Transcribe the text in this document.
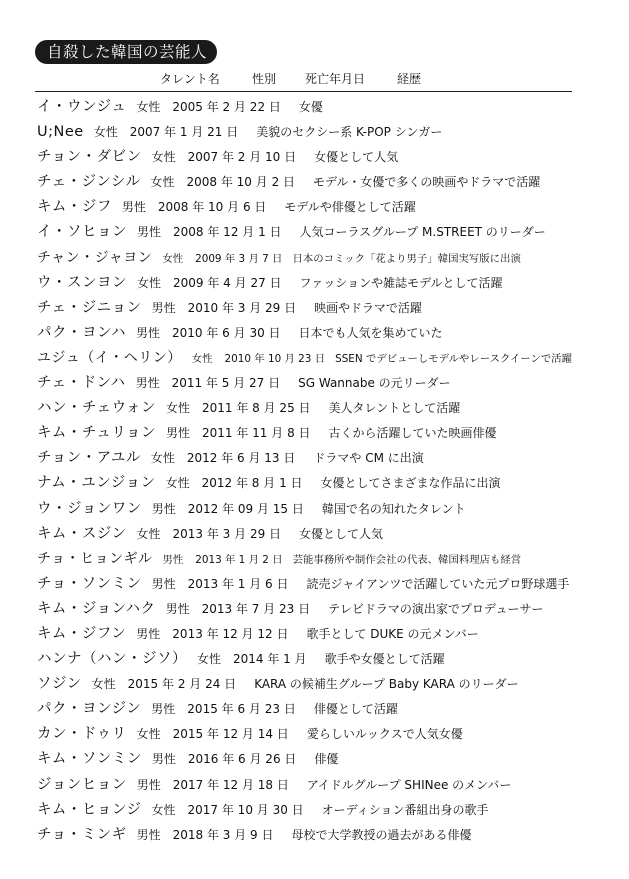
自殺した韓国の芸能人
タレント名	性別 死亡年月日	経歴
イ・ウンジュ 女性 2005 年 2 月 22 日 女優
U;Nee 女性 2007 年 1 月 21 日 美貌のセクシー系 K-POP シンガー
チョン・ダビン 女性 2007 年 2 月 10 日 女優として人気
チェ・ジンシル 女性 2008 年 10 月 2 日 モデル・女優で多くの映画やドラマで活躍
キム・ジフ 男性 2008 年 10 月 6 日 モデルや俳優として活躍
イ・ソヒョン 男性 2008 年 12 月 1 日 人気コーラスグループ M.STREET のリーダー
チャン・ジャヨン 女性 2009 年 3 月 7 日 日本のコミック「花より男子」韓国実写版に出演
ウ・スンヨン 女性 2009 年 4 月 27 日 ファッションや雑誌モデルとして活躍
チェ・ジニョン 男性 2010 年 3 月 29 日 映画やドラマで活躍
パク・ヨンハ 男性 2010 年 6 月 30 日 日本でも人気を集めていた
ユジュ（イ・ヘリン） 女性 2010 年 10 月 23 日 SSEN でデビューしモデルやレースクイーンで活躍
チェ・ドンハ 男性 2011 年 5 月 27 日 SG Wannabe の元リーダー
ハン・チェウォン 女性 2011 年 8 月 25 日 美人タレントとして活躍
キム・チュリョン 男性 2011 年 11 月 8 日 古くから活躍していた映画俳優
チョン・アユル 女性 2012 年 6 月 13 日 ドラマや CM に出演
ナム・ユンジョン 女性 2012 年 8 月 1 日 女優としてさまざまな作品に出演
ウ・ジョンワン 男性 2012 年 09 月 15 日 韓国で名の知れたタレント
キム・スジン 女性 2013 年 3 月 29 日 女優として人気
チョ・ヒョンギル 男性 2013 年 1 月 2 日 芸能事務所や制作会社の代表、韓国料理店も経営
チョ・ソンミン 男性 2013 年 1 月 6 日 読売ジャイアンツで活躍していた元プロ野球選手
キム・ジョンハク 男性 2013 年 7 月 23 日 テレビドラマの演出家でプロデューサー
キム・ジフン 男性 2013 年 12 月 12 日 歌手として DUKE の元メンバー
ハンナ（ハン・ジソ） 女性 2014 年 1 月 歌手や女優として活躍
ソジン 女性 2015 年 2 月 24 日 KARA の候補生グループ Baby KARA のリーダー
パク・ヨンジン 男性 2015 年 6 月 23 日 俳優として活躍
カン・ドゥリ 女性 2015 年 12 月 14 日 愛らしいルックスで人気女優
キム・ソンミン 男性 2016 年 6 月 26 日 俳優
ジョンヒョン 男性 2017 年 12 月 18 日 アイドルグループ SHINee のメンバー
キム・ヒョンジ 女性 2017 年 10 月 30 日 オーディション番組出身の歌手
チョ・ミンギ 男性 2018 年 3 月 9 日 母校で大学教授の過去がある俳優
